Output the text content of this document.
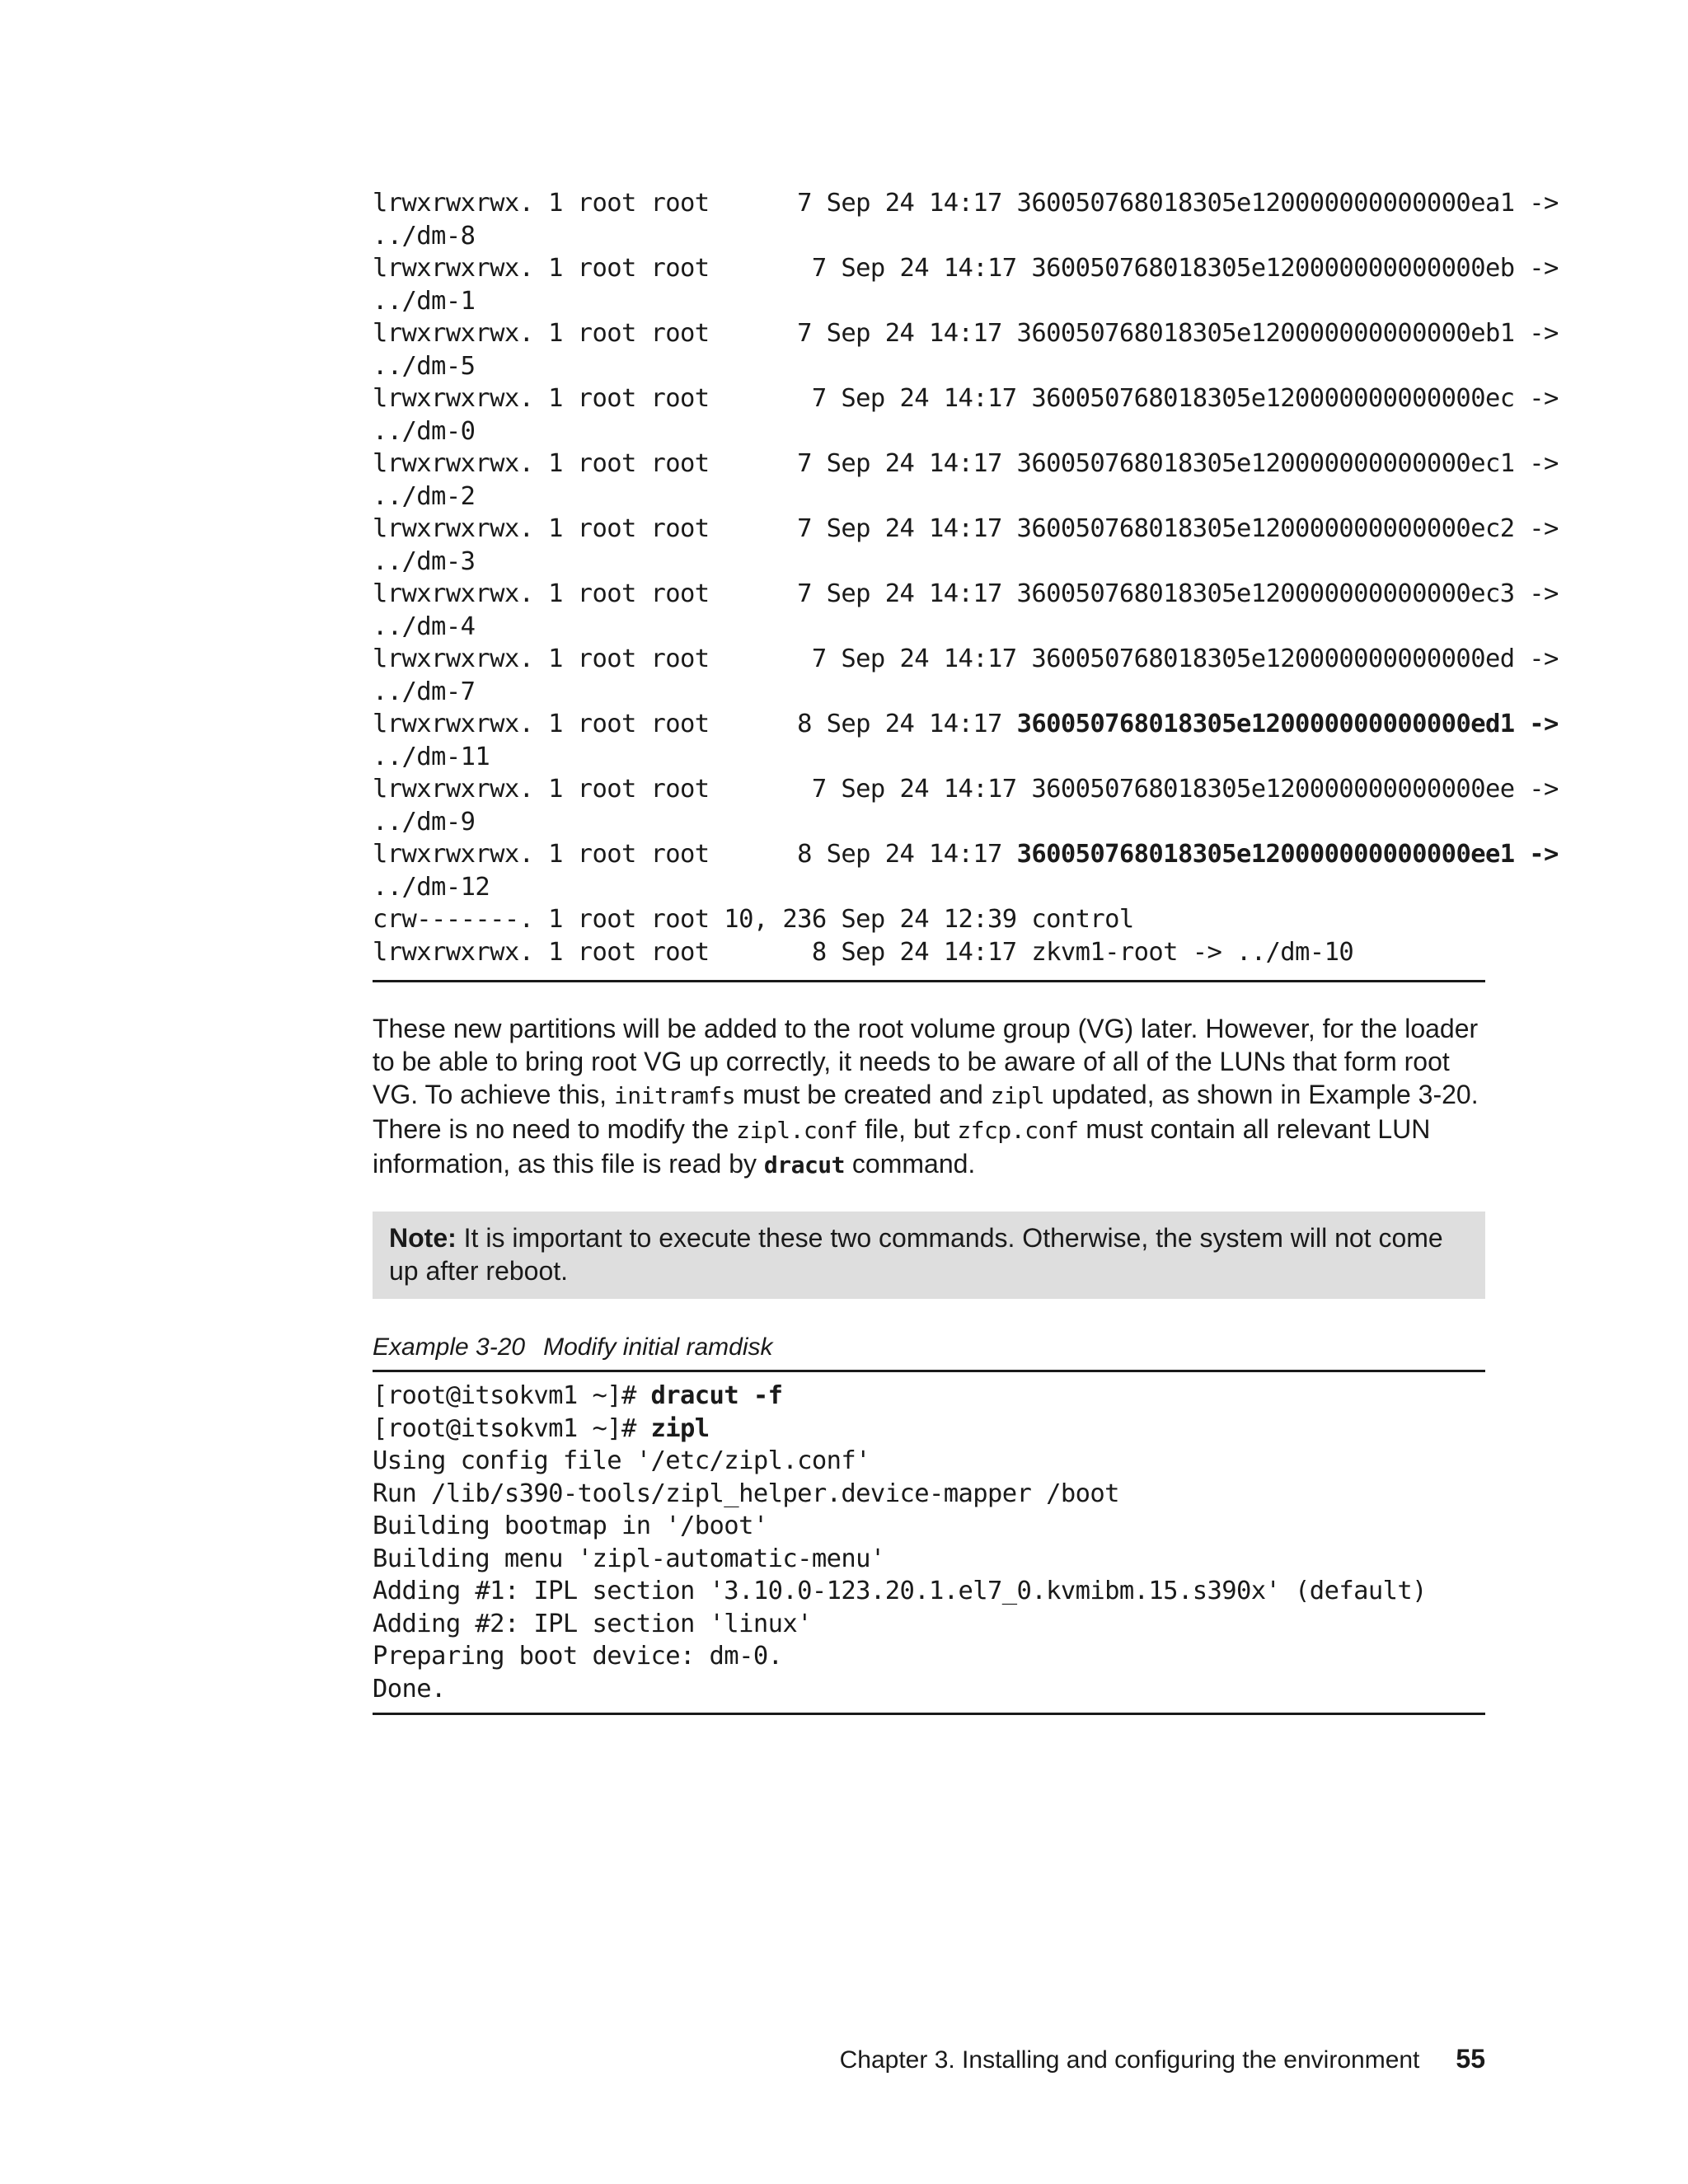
lrwxrwxrwx. 1 root root      7 Sep 24 14:17 360050768018305e120000000000000ea1 ->
../dm-8
lrwxrwxrwx. 1 root root       7 Sep 24 14:17 360050768018305e120000000000000eb ->
../dm-1
lrwxrwxrwx. 1 root root      7 Sep 24 14:17 360050768018305e120000000000000eb1 ->
../dm-5
lrwxrwxrwx. 1 root root       7 Sep 24 14:17 360050768018305e120000000000000ec ->
../dm-0
lrwxrwxrwx. 1 root root      7 Sep 24 14:17 360050768018305e120000000000000ec1 ->
../dm-2
lrwxrwxrwx. 1 root root      7 Sep 24 14:17 360050768018305e120000000000000ec2 ->
../dm-3
lrwxrwxrwx. 1 root root      7 Sep 24 14:17 360050768018305e120000000000000ec3 ->
../dm-4
lrwxrwxrwx. 1 root root       7 Sep 24 14:17 360050768018305e120000000000000ed ->
../dm-7
lrwxrwxrwx. 1 root root      8 Sep 24 14:17 360050768018305e120000000000000ed1 ->
../dm-11
lrwxrwxrwx. 1 root root       7 Sep 24 14:17 360050768018305e120000000000000ee ->
../dm-9
lrwxrwxrwx. 1 root root      8 Sep 24 14:17 360050768018305e120000000000000ee1 ->
../dm-12
crw-------. 1 root root 10, 236 Sep 24 12:39 control
lrwxrwxrwx. 1 root root       8 Sep 24 14:17 zkvm1-root -> ../dm-10

These new partitions will be added to the root volume group (VG) later. However, for the loader to be able to bring root VG up correctly, it needs to be aware of all of the LUNs that form root VG. To achieve this, initramfs must be created and zipl updated, as shown in Example 3-20. There is no need to modify the zipl.conf file, but zfcp.conf must contain all relevant LUN information, as this file is read by dracut command.

Note: It is important to execute these two commands. Otherwise, the system will not come up after reboot.
Example 3-20 Modify initial ramdisk
[root@itsokvm1 ~]# dracut -f
[root@itsokvm1 ~]# zipl
Using config file '/etc/zipl.conf'
Run /lib/s390-tools/zipl_helper.device-mapper /boot
Building bootmap in '/boot'
Building menu 'zipl-automatic-menu'
Adding #1: IPL section '3.10.0-123.20.1.el7_0.kvmibm.15.s390x' (default)
Adding #2: IPL section 'linux'
Preparing boot device: dm-0.
Done.
Chapter 3. Installing and configuring the environment 55
